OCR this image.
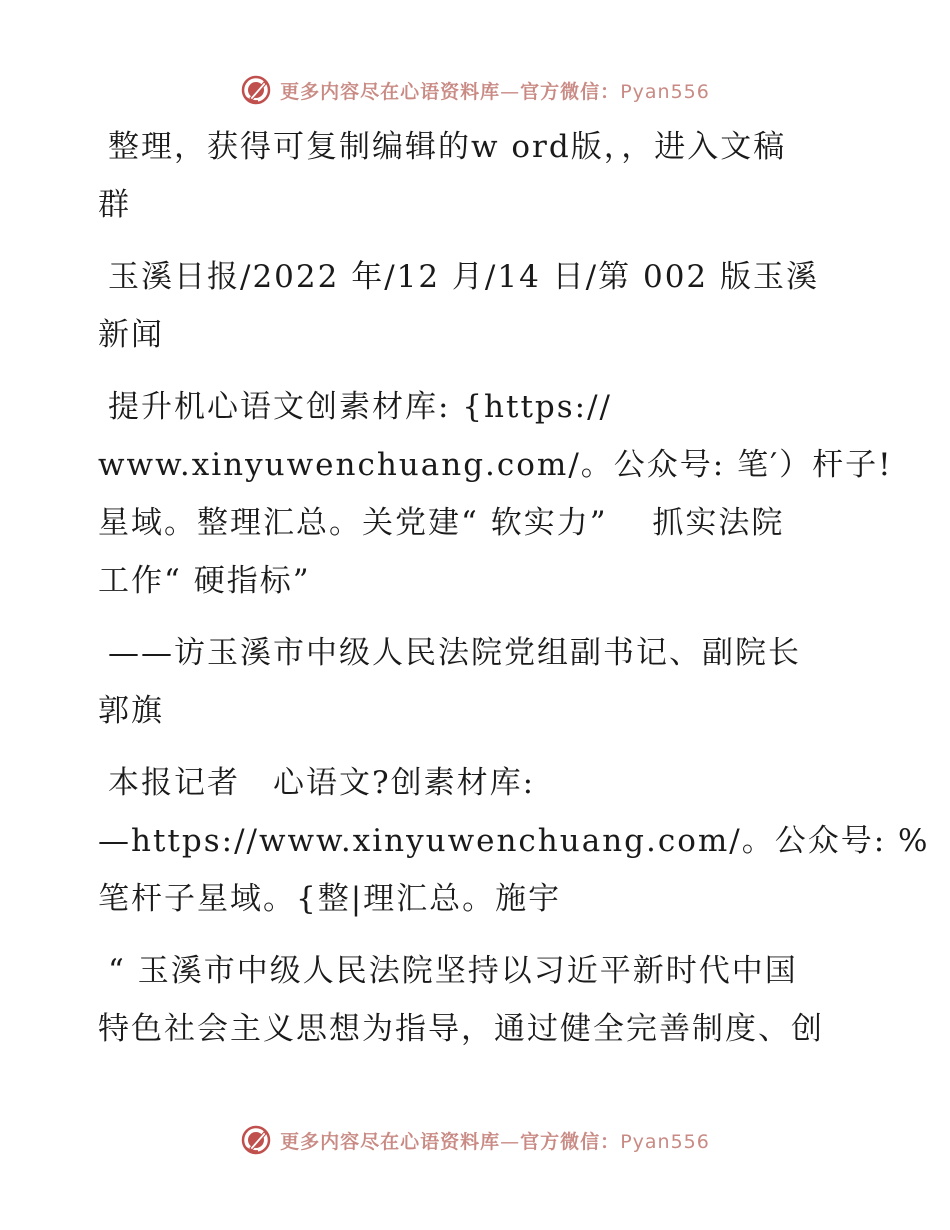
更多内容尽在心语资料库—官方微信：Pyan556

整理，获得可复制编辑的w ord版，，进入文稿
群

玉溪日报/2022 年/12 月/14 日/第 002 版玉溪
新闻

提升机心语文创素材库: {https://
www.xinyuwenchuang.com/。公众号: 笔′）杆子!
星域。整理汇总。关党建“ 软实力”　 抓实法院
工作“ 硬指标”

——访玉溪市中级人民法院党组副书记、副院长
郭旗

本报记者　心语文?创素材库:
—https://www.xinyuwenchuang.com/。公众号: %
笔杆子星域。{整|理汇总。施宇

“ 玉溪市中级人民法院坚持以习近平新时代中国
特色社会主义思想为指导，通过健全完善制度、创

更多内容尽在心语资料库—官方微信：Pyan556
